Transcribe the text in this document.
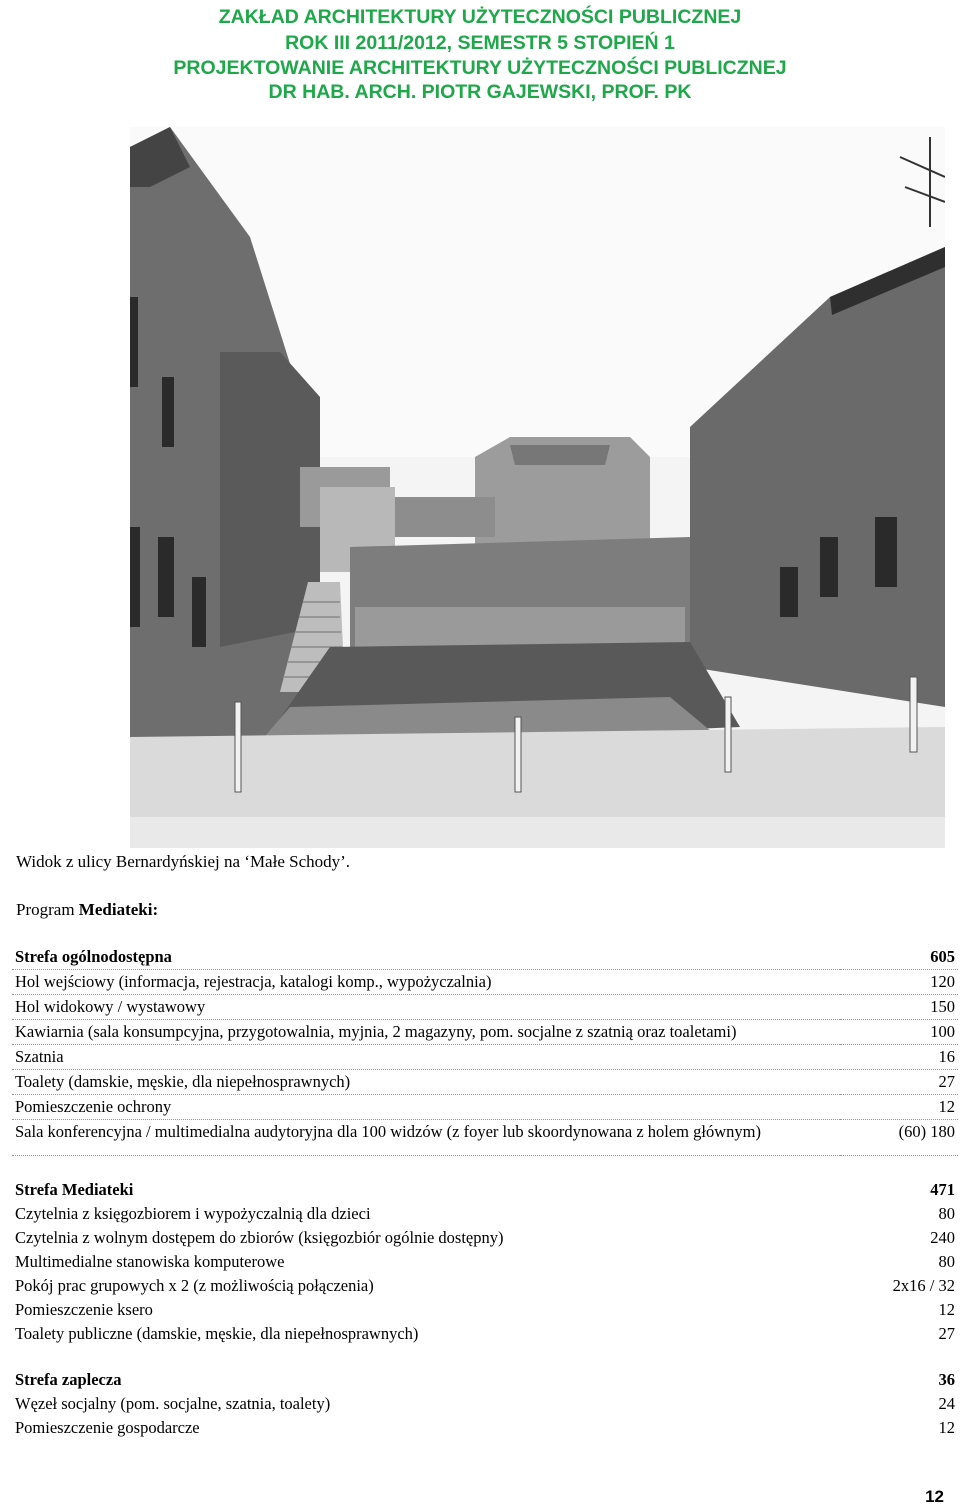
ZAKŁAD ARCHITEKTURY UŻYTECZNOŚCI PUBLICZNEJ
ROK III 2011/2012, SEMESTR 5 STOPIEŃ 1
PROJEKTOWANIE ARCHITEKTURY UŻYTECZNOŚCI PUBLICZNEJ
DR HAB. ARCH. PIOTR GAJEWSKI, PROF. PK
Widok z ulicy Bernardyńskiej na ‘Małe Schody’.
Program Mediateki:
Strefa ogólnodostępna	605
Hol wejściowy (informacja, rejestracja, katalogi komp., wypożyczalnia)	120
Hol widokowy / wystawowy	150
Kawiarnia (sala konsumpcyjna, przygotowalnia, myjnia, 2 magazyny, pom. socjalne z szatnią oraz toaletami)	100
Szatnia	16
Toalety (damskie, męskie, dla niepełnosprawnych)	27
Pomieszczenie ochrony	12
Sala konferencyjna / multimedialna audytoryjna dla 100 widzów (z foyer lub skoordynowana z holem głównym)	(60) 180

Strefa Mediateki	471
Czytelnia z księgozbiorem i wypożyczalnią dla dzieci	80
Czytelnia z wolnym dostępem do zbiorów (księgozbiór ogólnie dostępny)	240
Multimedialne stanowiska komputerowe	80
Pokój prac grupowych x 2 (z możliwością połączenia)	2x16 / 32
Pomieszczenie ksero	12
Toalety publiczne (damskie, męskie, dla niepełnosprawnych)	27

Strefa zaplecza	36
Węzeł socjalny (pom. socjalne, szatnia, toalety)	24
Pomieszczenie gospodarcze	12
12
